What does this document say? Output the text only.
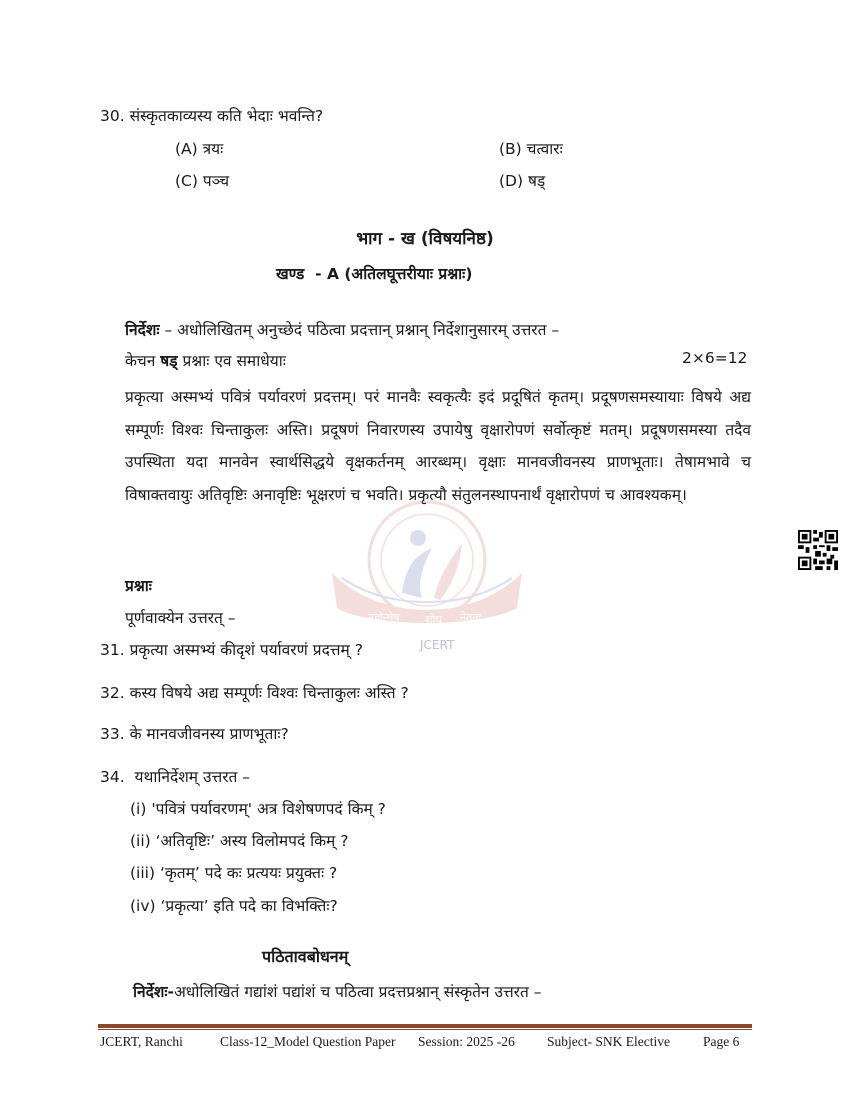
30. संस्कृतकाव्यस्य कति भेदाः भवन्ति?
(A) त्रयः	(B) चत्वारः
(C) पञ्च	(D) षड्
भाग - ख (विषयनिष्ठ)
खण्ड  - A (अतिलघूत्तरीयाः प्रश्नाः)
नवोन्मेष शोध नेतृत्व
JCERT
निर्देशः – अधोलिखितम् अनुच्छेदं पठित्वा प्रदत्तान् प्रश्नान् निर्देशानुसारम् उत्तरत –
केचन षड् प्रश्नाः एव समाधेयाः	2×6=12
प्रकृत्या अस्मभ्यं पवित्रं पर्यावरणं प्रदत्तम्। परं मानवैः स्वकृत्यैः इदं प्रदूषितं कृतम्। प्रदूषणसमस्यायाः विषये अद्य सम्पूर्णः विश्वः चिन्ताकुलः अस्ति। प्रदूषणं निवारणस्य उपायेषु वृक्षारोपणं सर्वोत्कृष्टं मतम्। प्रदूषणसमस्या तदैव उपस्थिता यदा मानवेन स्वार्थसिद्धये वृक्षकर्तनम् आरब्धम्। वृक्षाः मानवजीवनस्य प्राणभूताः। तेषामभावे च विषाक्तवायुः अतिवृष्टिः अनावृष्टिः भूक्षरणं च भवति। प्रकृत्यौ संतुलनस्थापनार्थं वृक्षारोपणं च आवश्यकम्।
प्रश्नाः
पूर्णवाक्येन उत्तरत् –
31. प्रकृत्या अस्मभ्यं कीदृशं पर्यावरणं प्रदत्तम् ?
32. कस्य विषये अद्य सम्पूर्णः विश्वः चिन्ताकुलः अस्ति ?
33. के मानवजीवनस्य प्राणभूताः?
34.  यथानिर्देशम् उत्तरत –
(i) 'पवित्रं पर्यावरणम्' अत्र विशेषणपदं किम् ?
(ii) ‘अतिवृष्टिः’ अस्य विलोमपदं किम् ?
(iii) ‘कृतम्’ पदे कः प्रत्ययः प्रयुक्तः ?
(iv) ‘प्रकृत्या’ इति पदे का विभक्तिः?
पठितावबोधनम्
निर्देशः-अधोलिखितं गद्यांशं पद्यांशं च पठित्वा प्रदत्तप्रश्नान् संस्कृतेन उत्तरत –
JCERT, Ranchi	Class-12_Model Question Paper Session: 2025 -26 Subject- SNK Elective Page 6
